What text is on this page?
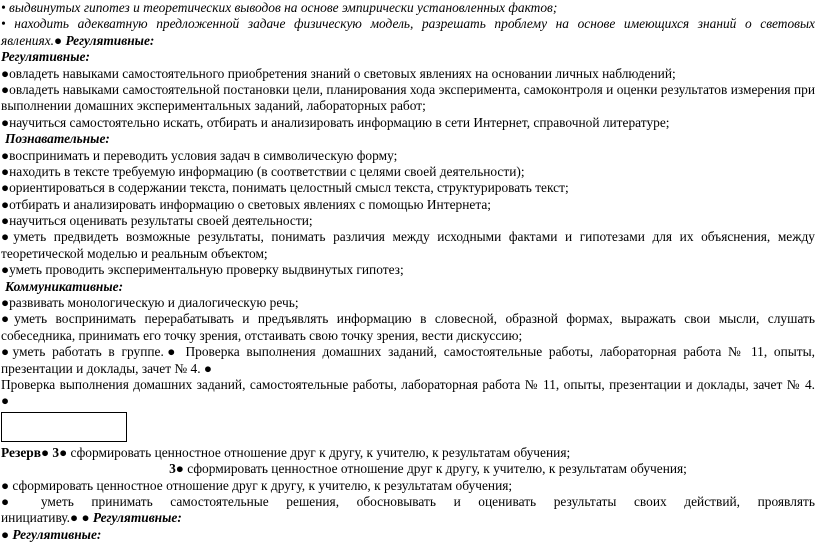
• выдвинутых гипотез и теоретических выводов на основе эмпирически установленных фактов;
• находить адекватную предложенной задаче физическую модель, разрешать проблему на основе имеющихся знаний о световых
явлениях.● Регулятивные:
Регулятивные:
●овладеть навыками самостоятельного приобретения знаний о световых явлениях на основании личных наблюдений;
●овладеть навыками самостоятельной постановки цели, планирования хода эксперимента, самоконтроля и оценки результатов измерения при
выполнении домашних экспериментальных заданий, лабораторных работ;
●научиться самостоятельно искать, отбирать и анализировать информацию в сети Интернет, справочной литературе;
Познавательные:
●воспринимать и переводить условия задач в символическую форму;
●находить в тексте требуемую информацию (в соответствии с целями своей деятельности);
●ориентироваться в содержании текста, понимать целостный смысл текста, структурировать текст;
●отбирать и анализировать информацию о световых явлениях с помощью Интернета;
●научиться оценивать результаты своей деятельности;
●уметь предвидеть возможные результаты, понимать различия между исходными фактами и гипотезами для их объяснения, между
теоретической моделью и реальным объектом;
●уметь проводить экспериментальную проверку выдвинутых гипотез;
Коммуникативные:
●развивать монологическую и диалогическую речь;
●уметь воспринимать перерабатывать и предъявлять информацию в словесной, образной формах, выражать свои мысли, слушать
собеседника, принимать его точку зрения, отстаивать свою точку зрения, вести дискуссию;
●уметь работать в группе.● Проверка выполнения домашних заданий, самостоятельные работы, лабораторная работа № 11, опыты,
презентации и доклады, зачет № 4. ●
Проверка выполнения домашних заданий, самостоятельные работы, лабораторная работа № 11, опыты, презентации и доклады, зачет № 4.
●
Резерв● 3● сформировать ценностное отношение друг к другу, к учителю, к результатам обучения;
3● сформировать ценностное отношение друг к другу, к учителю, к результатам обучения;
● сформировать ценностное отношение друг к другу, к учителю, к результатам обучения;
● уметь принимать самостоятельные решения, обосновывать и оценивать результаты своих действий, проявлять
инициативу.● ● Регулятивные:
● Регулятивные:
